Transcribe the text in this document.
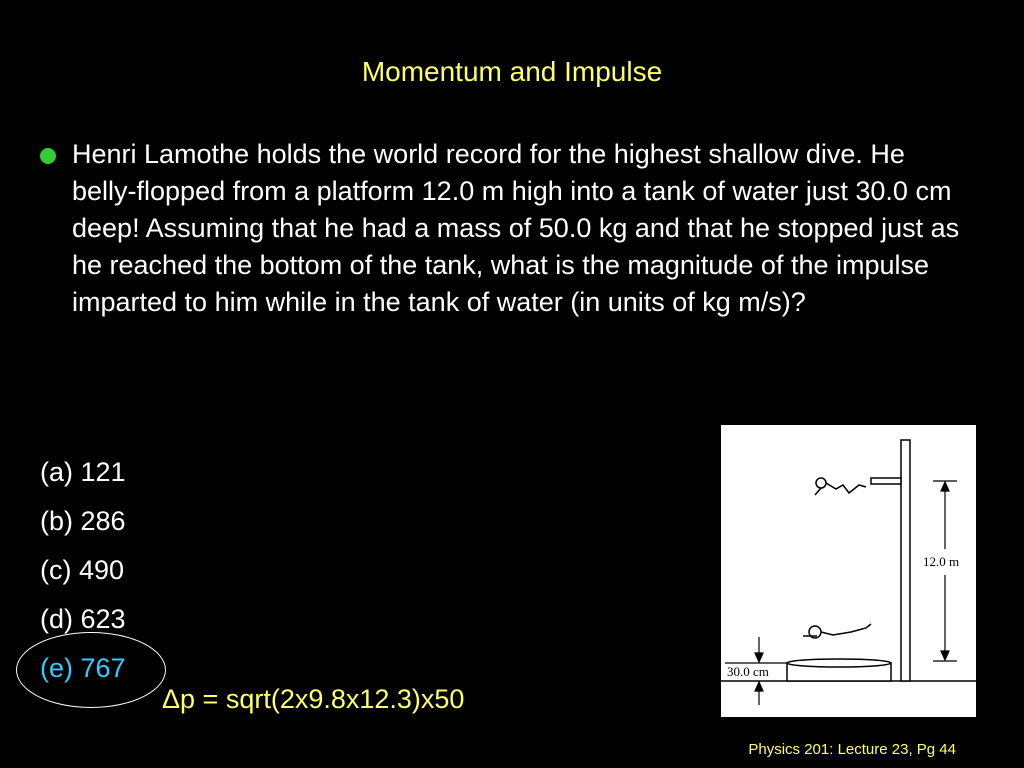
Momentum and Impulse
Henri Lamothe holds the world record for the highest shallow dive. He belly-flopped from a platform 12.0 m high into a tank of water just 30.0 cm deep! Assuming that he had a mass of 50.0 kg and that he stopped just as he reached the bottom of the tank, what is the magnitude of the impulse imparted to him while in the tank of water (in units of kg m/s)?
(a) 121
(b) 286
(c) 490
(d) 623
(e) 767
Δp = sqrt(2x9.8x12.3)x50
12.0 m
30.0 cm
Physics 201: Lecture 23, Pg 44
